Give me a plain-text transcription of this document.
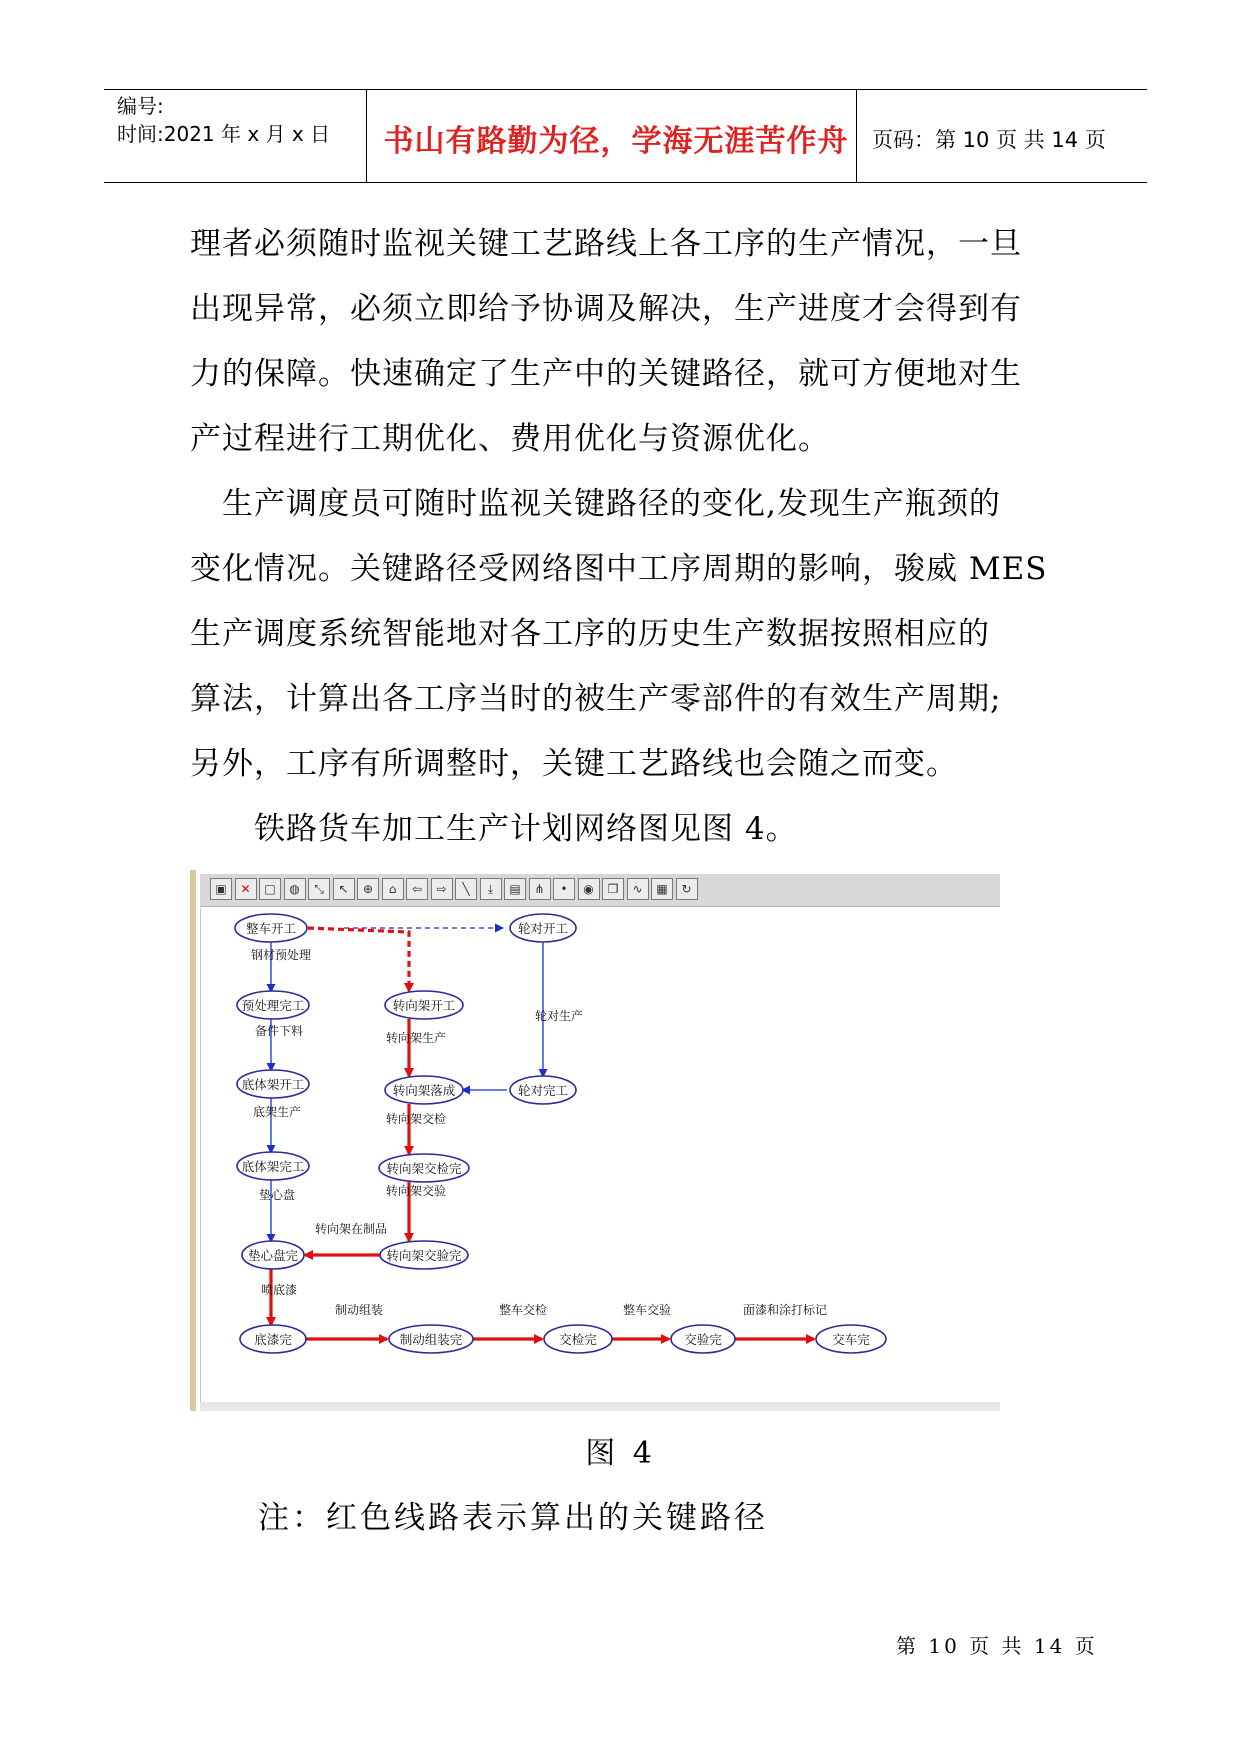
编号:
时间:2021 年 x 月 x 日	书山有路勤为径，学海无涯苦作舟	页码：第 10 页 共 14 页
理者必须随时监视关键工艺路线上各工序的生产情况，一旦
出现异常，必须立即给予协调及解决，生产进度才会得到有
力的保障。快速确定了生产中的关键路径，就可方便地对生
产过程进行工期优化、费用优化与资源优化。
　生产调度员可随时监视关键路径的变化,发现生产瓶颈的
变化情况。关键路径受网络图中工序周期的影响，骏威 MES
生产调度系统智能地对各工序的历史生产数据按照相应的
算法，计算出各工序当时的被生产零部件的有效生产周期;
另外，工序有所调整时，关键工艺路线也会随之而变。
　　铁路货车加工生产计划网络图见图 4。
▣	✕	□	◍	⤡	↖	⊕	⌂	⇦	⇨	╲	⤓	▤	⋔	•	◉	❐	∿	▦	↻
整车开工	轮对开工
预处理完工	转向架开工
底体架开工	转向架落成	轮对完工
底体架完工	转向架交检完
垫心盘完	转向架交验完
底漆完	制动组装完	交检完	交验完	交车完
钢材预处理
备件下料
底架生产
垫心盘
转向架生产
转向架交检
转向架交验
转向架在制品
轮对生产
喷底漆
制动组装	整车交检	整车交验	面漆和涂打标记
图 4
注：红色线路表示算出的关键路径
第 10 页 共 14 页
